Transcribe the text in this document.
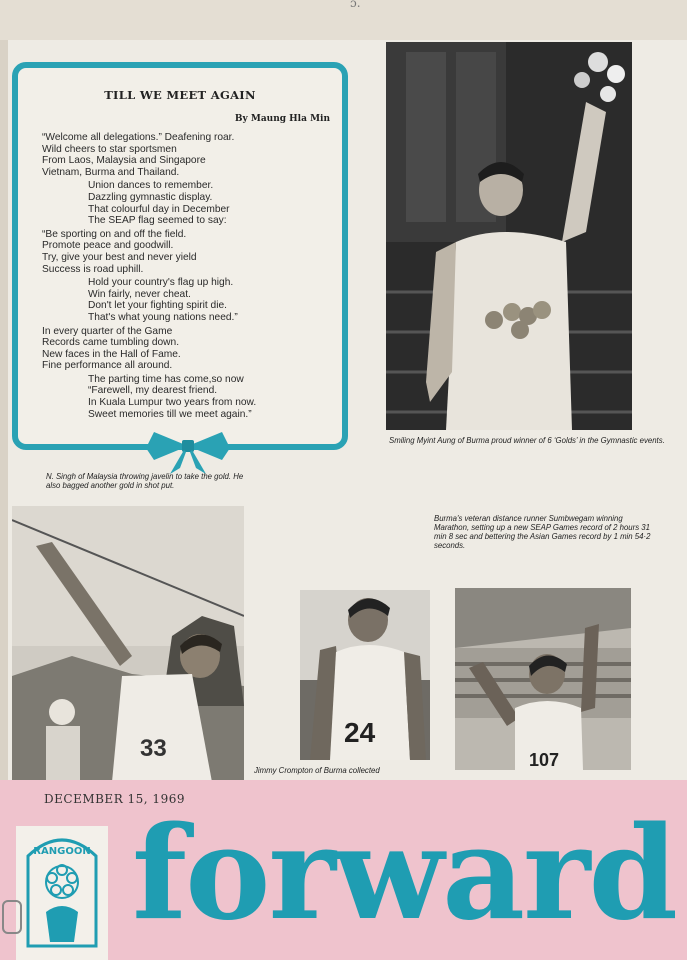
ɔ.
TILL WE MEET AGAIN
By Maung Hla Min
“Welcome all delegations.” Deafening roar.
Wild cheers to star sportsmen
From Laos, Malaysia and Singapore
Vietnam, Burma and Thailand.
Union dances to remember.
Dazzling gymnastic display.
That colourful day in December
The SEAP flag seemed to say:
“Be sporting on and off the field.
Promote peace and goodwill.
Try, give your best and never yield
Success is road uphill.
Hold your country's flag up high.
Win fairly, never cheat.
Don't let your fighting spirit die.
That's what young nations need.”
In every quarter of the Game
Records came tumbling down.
New faces in the Hall of Fame.
Fine performance all around.
The parting time has come,so now
“Farewell, my dearest friend.
In Kuala Lumpur two years from now.
Sweet memories till we meet again.”
Smiling Myint Aung of Burma proud winner of 6 ‘Golds’ in the Gymnastic events.
N. Singh of Malaysia throwing javelin to take the gold. He also bagged another gold in shot put.
33
24
Jimmy Crompton of Burma collected
Burma's veteran distance runner Sumbwegam winning Marathon, setting up a new SEAP Games record of 2 hours 31 min 8 sec and bettering the Asian Games record by 1 min 54·2 seconds.
107
DECEMBER 15, 1969
RANGOON forward
